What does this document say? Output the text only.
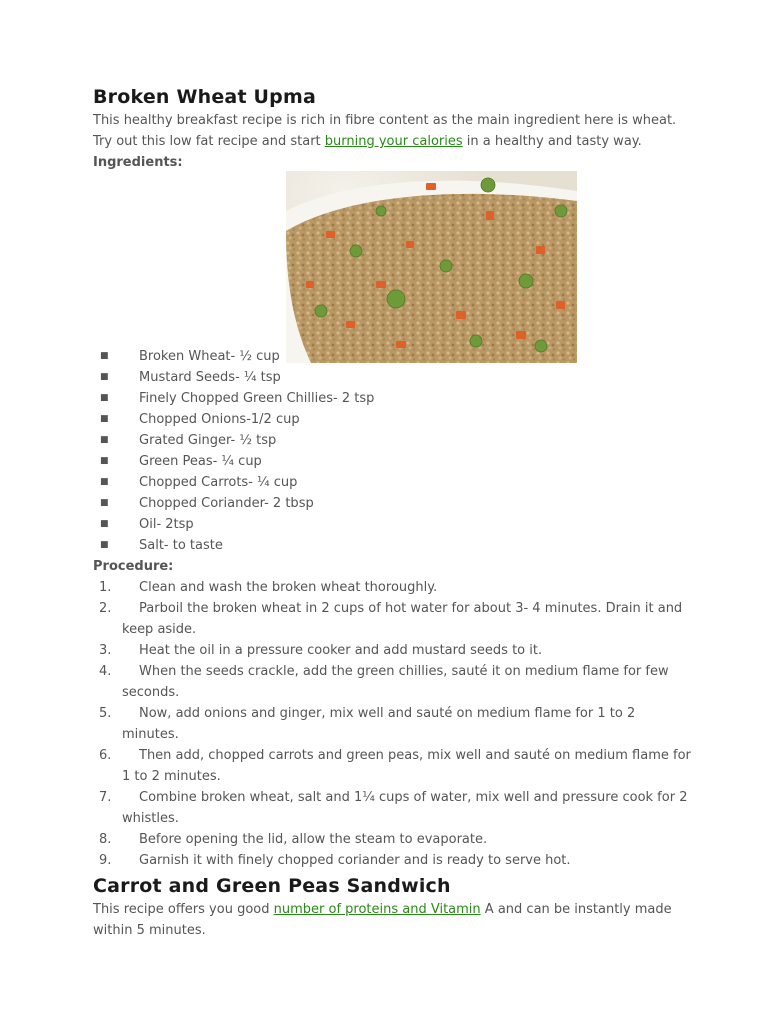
Broken Wheat Upma

This healthy breakfast recipe is rich in fibre content as the main ingredient here is wheat.

Try out this low fat recipe and start burning your calories in a healthy and tasty way.

Ingredients:
■ Broken Wheat- ½ cup
■ Mustard Seeds- ¼ tsp
■ Finely Chopped Green Chillies- 2 tsp
■ Chopped Onions-1/2 cup
■ Grated Ginger- ½ tsp
■ Green Peas- ¼ cup
■ Chopped Carrots- ¼ cup
■ Chopped Coriander- 2 tbsp
■ Oil- 2tsp
■ Salt- to taste
Procedure:
1.	Clean and wash the broken wheat thoroughly.
2.	Parboil the broken wheat in 2 cups of hot water for about 3- 4 minutes. Drain it and keep aside.
3.	Heat the oil in a pressure cooker and add mustard seeds to it.
4.	When the seeds crackle, add the green chillies, sauté it on medium flame for few seconds.
5.	Now, add onions and ginger, mix well and sauté on medium flame for 1 to 2 minutes.
6.	Then add, chopped carrots and green peas, mix well and sauté on medium flame for 1 to 2 minutes.
7.	Combine broken wheat, salt and 1¼ cups of water, mix well and pressure cook for 2 whistles.
8.	Before opening the lid, allow the steam to evaporate.
9.	Garnish it with finely chopped coriander and is ready to serve hot.
Carrot and Green Peas Sandwich

This recipe offers you good number of proteins and Vitamin A and can be instantly made within 5 minutes.
